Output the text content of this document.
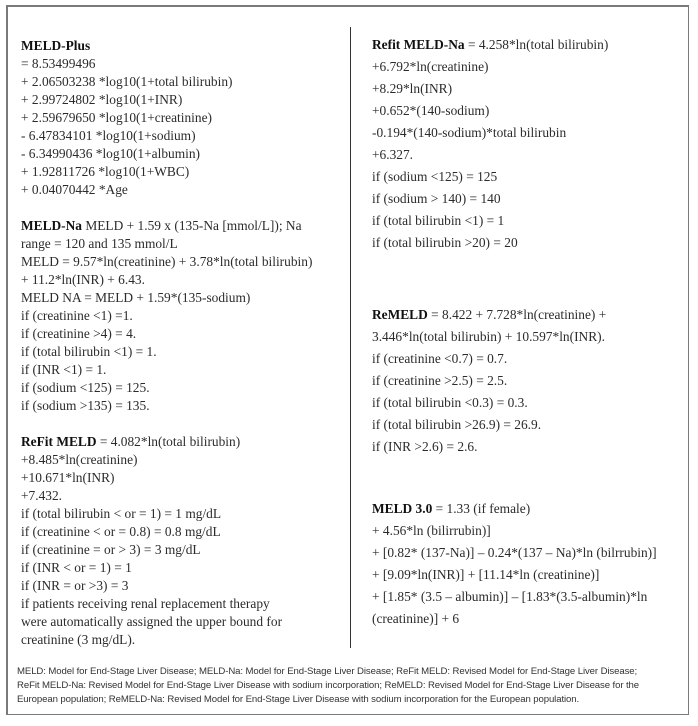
MELD-Plus
= 8.53499496
+ 2.06503238 *log10(1+total bilirubin)
+ 2.99724802 *log10(1+INR)
+ 2.59679650 *log10(1+creatinine)
- 6.47834101 *log10(1+sodium)
- 6.34990436 *log10(1+albumin)
+ 1.92811726 *log10(1+WBC)
+ 0.04070442 *Age
MELD-Na MELD + 1.59 x (135-Na [mmol/L]); Na
range = 120 and 135 mmol/L
MELD = 9.57*ln(creatinine) + 3.78*ln(total bilirubin)
+ 11.2*ln(INR) + 6.43.
MELD NA = MELD + 1.59*(135-sodium)
if (creatinine <1) =1.
if (creatinine >4) = 4.
if (total bilirubin <1) = 1.
if (INR <1) = 1.
if (sodium <125) = 125.
if (sodium >135) = 135.
ReFit MELD = 4.082*ln(total bilirubin)
+8.485*ln(creatinine)
+10.671*ln(INR)
+7.432.
if (total bilirubin < or = 1) = 1 mg/dL
if (creatinine < or = 0.8) = 0.8 mg/dL
if (creatinine = or > 3) = 3 mg/dL
if (INR < or = 1) = 1
if (INR = or >3) = 3
if patients receiving renal replacement therapy
were automatically assigned the upper bound for
creatinine (3 mg/dL).
Refit MELD-Na = 4.258*ln(total bilirubin)
+6.792*ln(creatinine)
+8.29*ln(INR)
+0.652*(140-sodium)
-0.194*(140-sodium)*total bilirubin
+6.327.
if (sodium <125) = 125
if (sodium > 140) = 140
if (total bilirubin <1) = 1
if (total bilirubin >20) = 20
ReMELD = 8.422 + 7.728*ln(creatinine) +
3.446*ln(total bilirubin) + 10.597*ln(INR).
if (creatinine <0.7) = 0.7.
if (creatinine >2.5) = 2.5.
if (total bilirubin <0.3) = 0.3.
if (total bilirubin >26.9) = 26.9.
if (INR >2.6) = 2.6.
MELD 3.0 = 1.33 (if female)
+ 4.56*ln (bilirrubin)]
+ [0.82* (137-Na)] – 0.24*(137 – Na)*ln (bilrrubin)]
+ [9.09*ln(INR)] + [11.14*ln (creatinine)]
+ [1.85* (3.5 – albumin)] – [1.83*(3.5-albumin)*ln
(creatinine)] + 6
MELD: Model for End-Stage Liver Disease; MELD-Na: Model for End-Stage Liver Disease; ReFit MELD: Revised Model for End-Stage Liver Disease;
ReFit MELD-Na: Revised Model for End-Stage Liver Disease with sodium incorporation; ReMELD: Revised Model for End-Stage Liver Disease for the
European population; ReMELD-Na: Revised Model for End-Stage Liver Disease with sodium incorporation for the European population.
